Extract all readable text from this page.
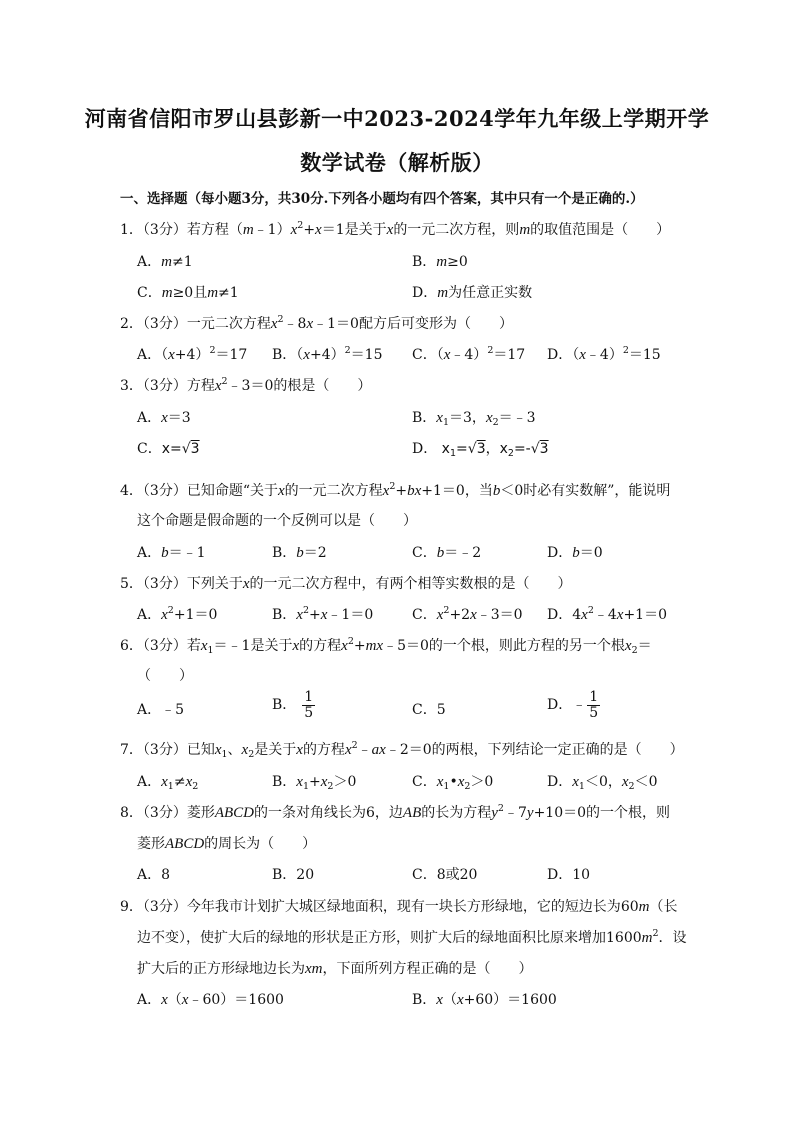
河南省信阳市罗山县彭新一中2023-2024学年九年级上学期开学
数学试卷（解析版）
一、选择题（每小题3分，共30分.下列各小题均有四个答案，其中只有一个是正确的.）
1．（3分）若方程$(m﹣1)x^2+x=1$是关于x的一元二次方程，则m的取值范围是（　　）
A．m≠1	B．m≥0
C．m≥0且m≠1	D．m为任意正实数
2．（3分）一元二次方程$x^2﹣8x﹣1=0$配方后可变形为（　　）
A．$(x+4)^2=17$ B．$(x+4)^2=15$ C．（x﹣4）$^2$＝17 D．（x﹣4）$^2$＝15
3．（3分）方程$x^2﹣3=0$的根是（　　）
A．x＝3	B．$x_1=3$，$x_2=﹣3$
C．x=√3	D． $x_1=√3$，$x_2=-√3$
4．（3分）已知命题“关于x的一元二次方程$x^2+bx+1=0$，当b＜0时必有实数解”，能说明
这个命题是假命题的一个反例可以是（　　）
A．b＝﹣1	B．b＝2	C．b＝﹣2	D．b＝0
5．（3分）下列关于x的一元二次方程中，有两个相等实数根的是（　　）
A．$x^2+1=0$	B．$x^2+x﹣1=0$	C．$x^2+2x﹣3=0$ D．$4x^2﹣4x+1=0$
6．（3分）若$x_1=﹣1$是关于x的方程$x^2+mx﹣5=0$的一个根，则此方程的另一个根$x_2=$
（　　）
A．﹣5	B． $\frac{1}{5}$	C．5	D．﹣ $\frac{1}{5}$
7．（3分）已知$x_1$、$x_2$是关于x的方程$x^2﹣ax﹣2=0$的两根，下列结论一定正确的是（　　）
A．$x_1\ne x_2$	B．$x_1+x_2>0$	C．$x_1•x_2>0$	D．$x_1<0$，$x_2<0$
8．（3分）菱形ABCD的一条对角线长为6，边AB的长为方程$y^2﹣7y+10=0$的一个根，则
菱形ABCD的周长为（　　）
A．8	B．20	C．8或20	D．10
9．（3分）今年我市计划扩大城区绿地面积，现有一块长方形绿地，它的短边长为60m（长
边不变），使扩大后的绿地的形状是正方形，则扩大后的绿地面积比原来增加$1600m^2$．设
扩大后的正方形绿地边长为xm，下面所列方程正确的是（　　）
A．x（x﹣60）＝1600	B．x（x+60）＝1600
